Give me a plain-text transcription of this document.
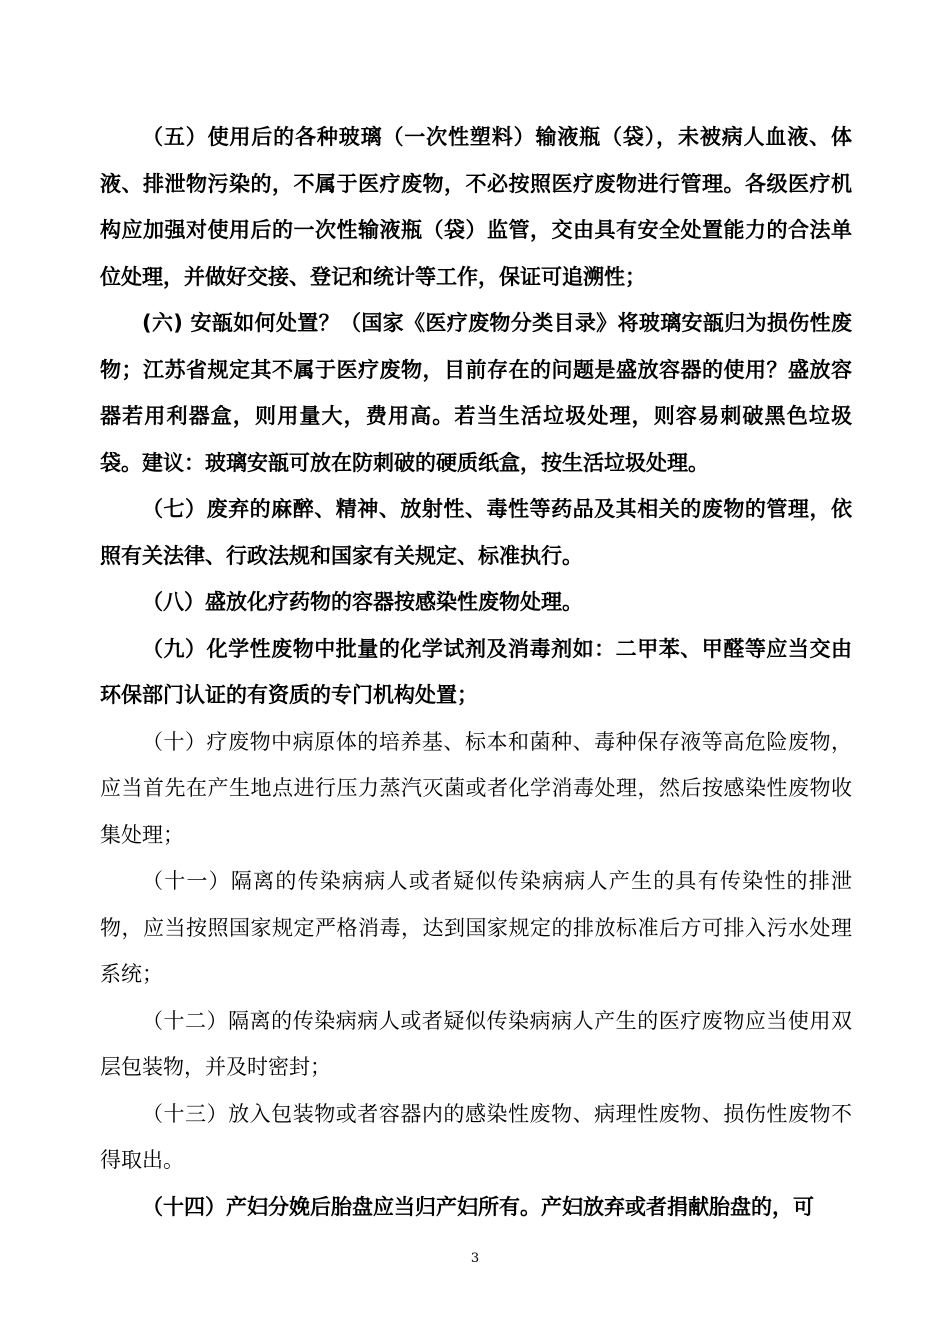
（五）使用后的各种玻璃（一次性塑料）输液瓶（袋），未被病人血液、体液、排泄物污染的，不属于医疗废物，不必按照医疗废物进行管理。各级医疗机构应加强对使用后的一次性输液瓶（袋）监管，交由具有安全处置能力的合法单位处理，并做好交接、登记和统计等工作，保证可追溯性；

(六) 安瓿如何处置？（国家《医疗废物分类目录》将玻璃安瓿归为损伤性废物；江苏省规定其不属于医疗废物，目前存在的问题是盛放容器的使用？盛放容器若用利器盒，则用量大，费用高。若当生活垃圾处理，则容易刺破黑色垃圾袋。建议：玻璃安瓿可放在防刺破的硬质纸盒，按生活垃圾处理。

（七）废弃的麻醉、精神、放射性、毒性等药品及其相关的废物的管理，依照有关法律、行政法规和国家有关规定、标准执行。

（八）盛放化疗药物的容器按感染性废物处理。

（九）化学性废物中批量的化学试剂及消毒剂如：二甲苯、甲醛等应当交由环保部门认证的有资质的专门机构处置；

（十）疗废物中病原体的培养基、标本和菌种、毒种保存液等高危险废物，应当首先在产生地点进行压力蒸汽灭菌或者化学消毒处理，然后按感染性废物收集处理；

（十一）隔离的传染病病人或者疑似传染病病人产生的具有传染性的排泄物，应当按照国家规定严格消毒，达到国家规定的排放标准后方可排入污水处理系统；

（十二）隔离的传染病病人或者疑似传染病病人产生的医疗废物应当使用双层包装物，并及时密封；

（十三）放入包装物或者容器内的感染性废物、病理性废物、损伤性废物不得取出。

（十四）产妇分娩后胎盘应当归产妇所有。产妇放弃或者捐献胎盘的，可

3
